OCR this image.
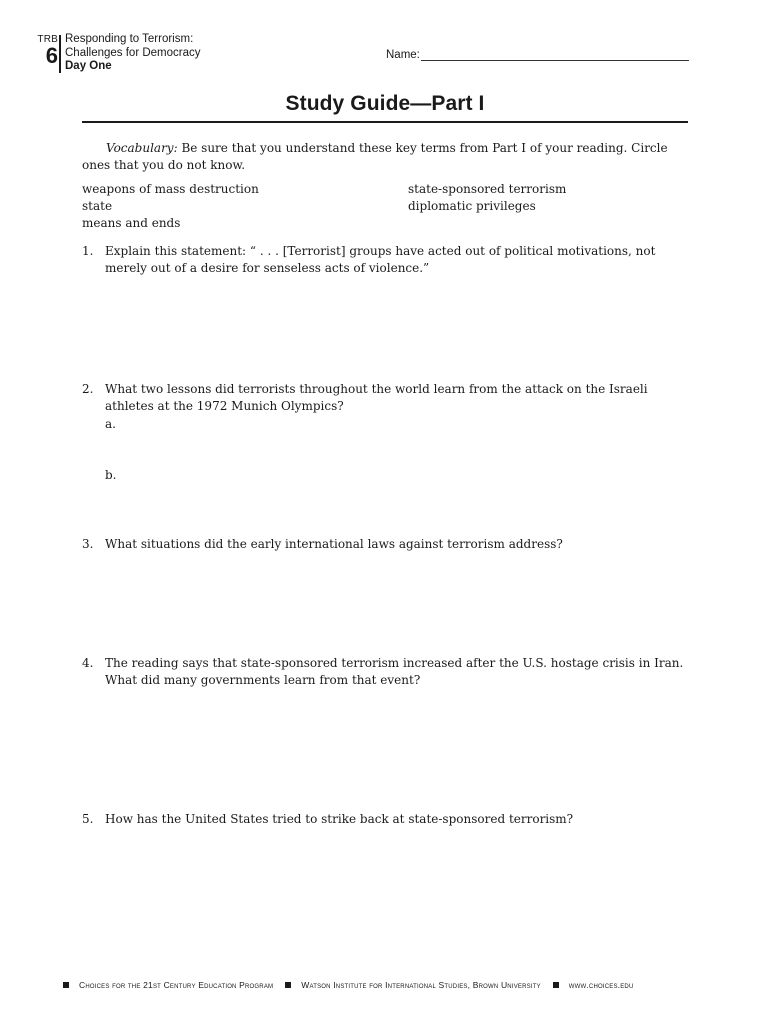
TRB
6
Responding to Terrorism:
Challenges for Democracy
Day One
Name:
Study Guide—Part I
Vocabulary: Be sure that you understand these key terms from Part I of your reading. Circle ones that you do not know.
weapons of mass destruction
state
means and ends
state-sponsored terrorism
diplomatic privileges
1. Explain this statement: “ . . . [Terrorist] groups have acted out of political motivations, not merely out of a desire for senseless acts of violence.”
2. What two lessons did terrorists throughout the world learn from the attack on the Israeli athletes at the 1972 Munich Olympics?
a.
b.
3. What situations did the early international laws against terrorism address?
4. The reading says that state-sponsored terrorism increased after the U.S. hostage crisis in Iran. What did many governments learn from that event?
5. How has the United States tried to strike back at state-sponsored terrorism?
Choices for the 21st Century Education Program	Watson Institute for International Studies, Brown University	www.choices.edu
